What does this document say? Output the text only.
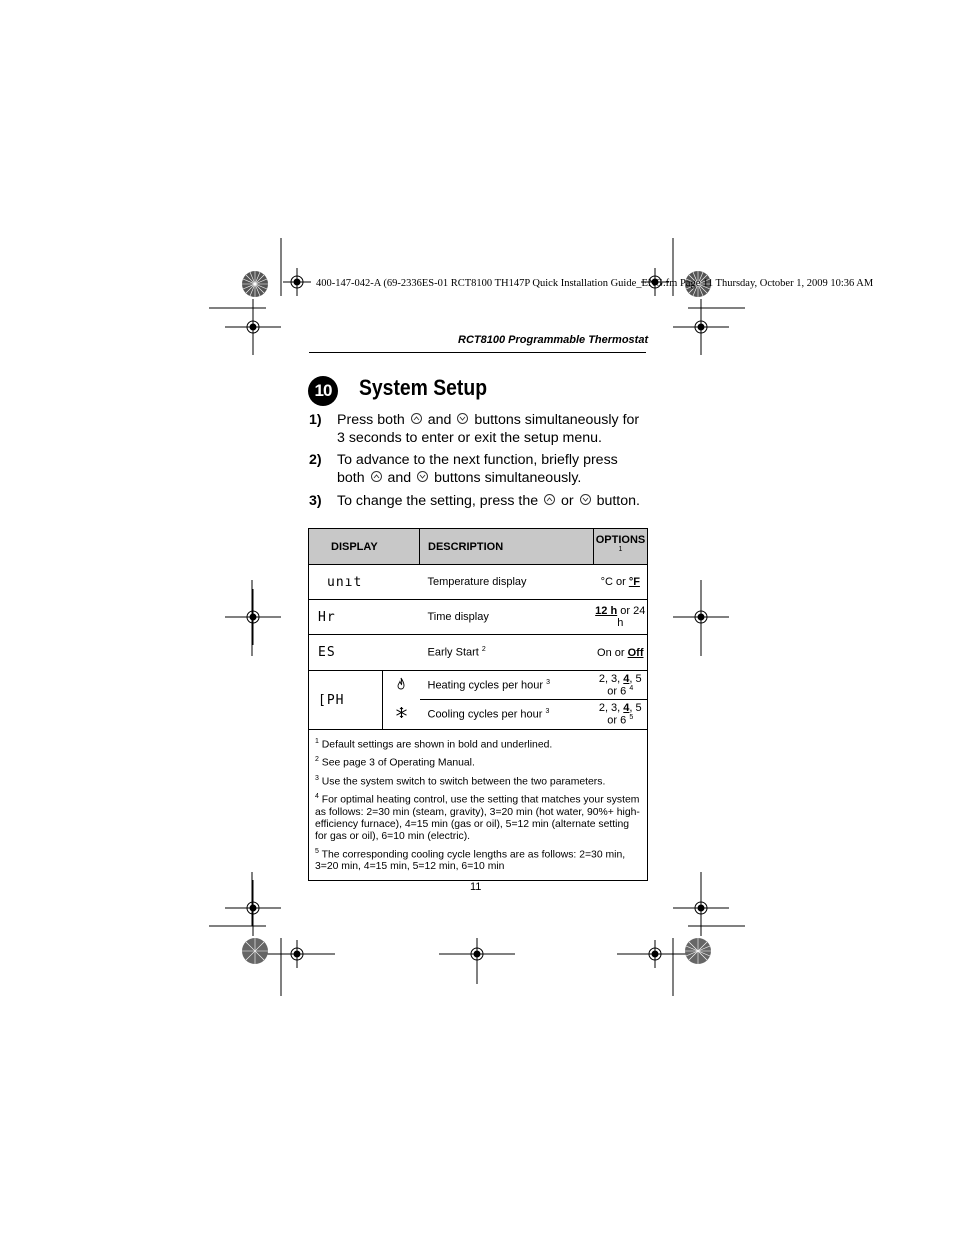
400-147-042-A (69-2336ES-01 RCT8100 TH147P Quick Installation Guide_ENG.fm Page 11 Thursday, October 1, 2009 10:36 AM
RCT8100 Programmable Thermostat
10 System Setup
1) Press both and buttons simultaneously for 3 seconds to enter or exit the setup menu.
2) To advance to the next function, briefly press both and buttons simultaneously.
3) To change the setting, press the or button.
DISPLAY		DESCRIPTION	OPTIONS $^1$
unıt		Temperature display	°C or °F
Hr		Time display	12 h or 24 h
ES		Early Start $^2$	On or Off
[PH		Heating cycles per hour $^3$	2, 3, 4, 5 or 6 $^4$
	Cooling cycles per hour $^3$	2, 3, 4, 5 or 6 $^5$

$^1$ Default settings are shown in bold and underlined.

$^2$ See page 3 of Operating Manual.

$^3$ Use the system switch to switch between the two parameters.

$^4$ For optimal heating control, use the setting that matches your system as follows: 2=30 min (steam, gravity), 3=20 min (hot water, 90%+ high-efficiency furnace), 4=15 min (gas or oil), 5=12 min (alternate setting for gas or oil), 6=10 min (electric).

$^5$ The corresponding cooling cycle lengths are as follows: 2=30 min, 3=20 min, 4=15 min, 5=12 min, 6=10 min			

11
